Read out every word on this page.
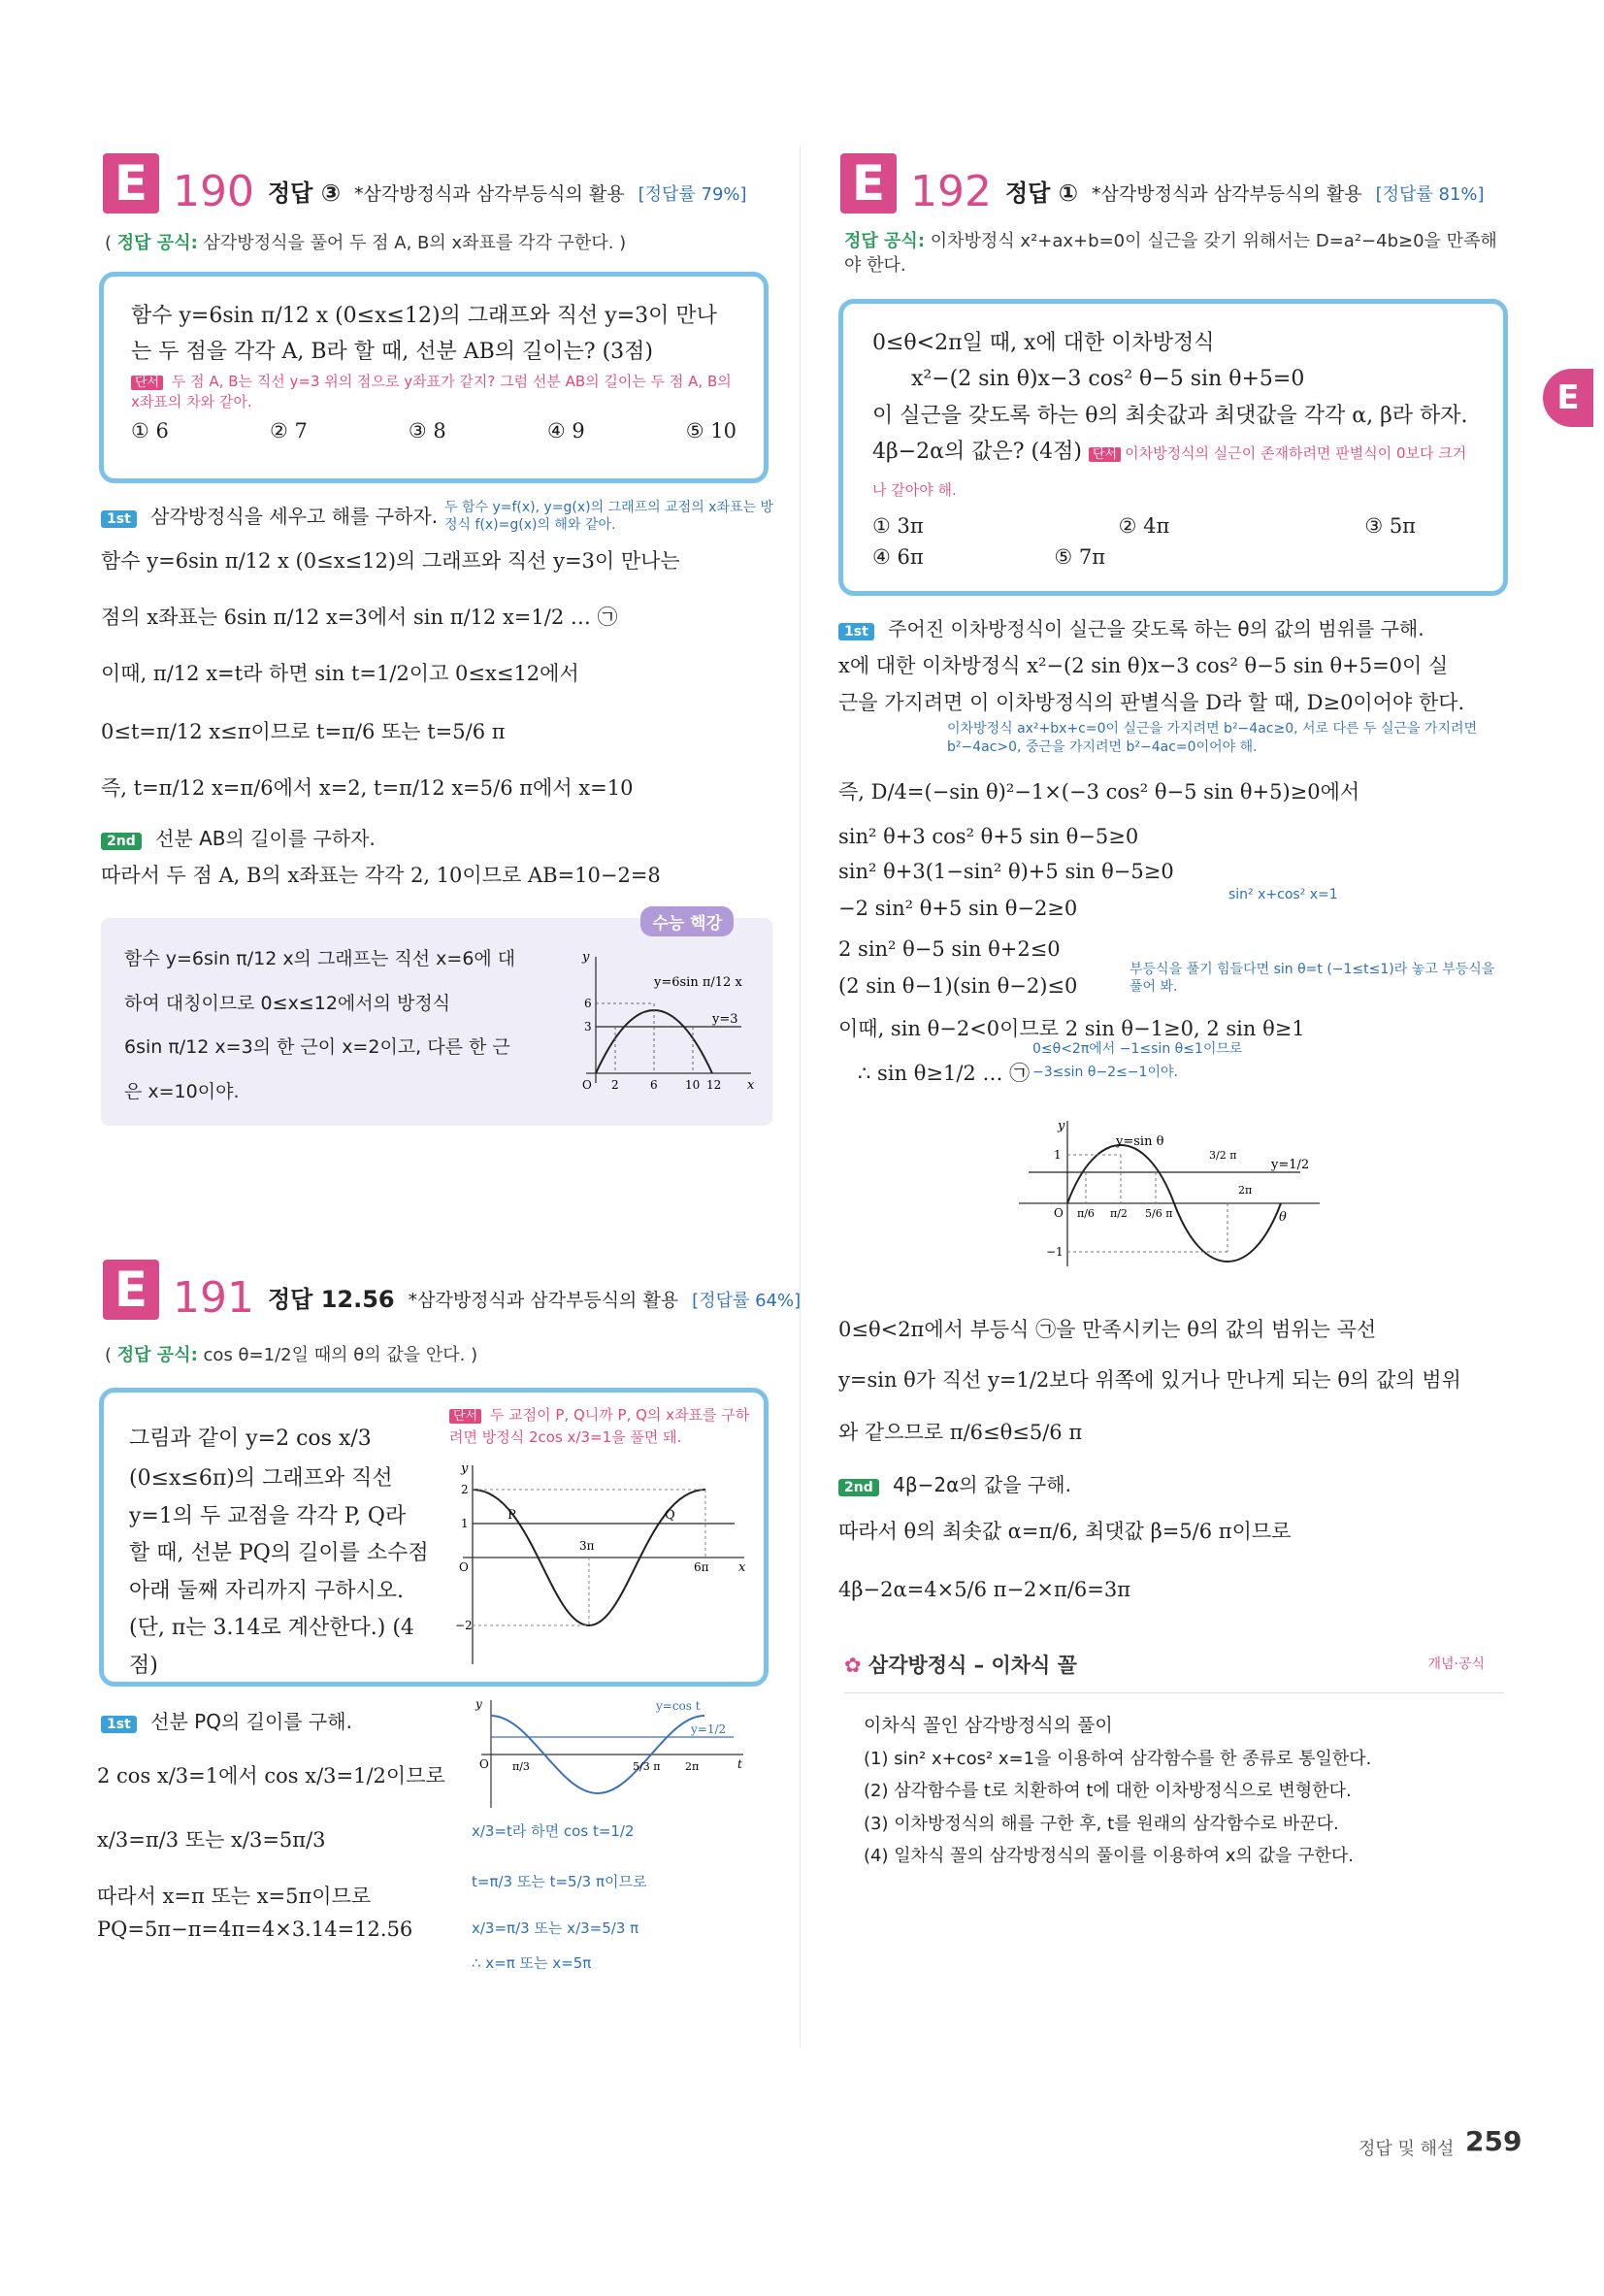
E 190 정답 ③ *삼각방정식과 삼각부등식의 활용 [정답률 79%]
( 정답 공식: 삼각방정식을 풀어 두 점 A, B의 x좌표를 각각 구한다. )

함수 y=6sin π/12 x (0≤x≤12)의 그래프와 직선 y=3이 만나

는 두 점을 각각 A, B라 할 때, 선분 AB의 길이는? (3점)

단서 두 점 A, B는 직선 y=3 위의 점으로 y좌표가 같지? 그럼 선분 AB의 길이는 두 점 A, B의 x좌표의 차와 같아.
① 6	② 7	③ 8	④ 9	⑤ 10
1st 삼각방정식을 세우고 해를 구하자. 두 함수 y=f(x), y=g(x)의 그래프의 교점의 x좌표는 방정식 f(x)=g(x)의 해와 같아.
함수 y=6sin π/12 x (0≤x≤12)의 그래프와 직선 y=3이 만나는
점의 x좌표는 6sin π/12 x=3에서 sin π/12 x=1/2 … ㉠
이때, π/12 x=t라 하면 sin t=1/2이고 0≤x≤12에서
0≤t=π/12 x≤π이므로 t=π/6 또는 t=5/6 π
즉, t=π/12 x=π/6에서 x=2, t=π/12 x=5/6 π에서 x=10
2nd 선분 AB의 길이를 구하자.
따라서 두 점 A, B의 x좌표는 각각 2, 10이므로 AB=10−2=8
수능 핵강

함수 y=6sin π/12 x의 그래프는 직선 x=6에 대

하여 대칭이므로 0≤x≤12에서의 방정식

6sin π/12 x=3의 한 근이 x=2이고, 다른 한 근

은 x=10이야.

y
x
y=6sin π/12 x
y=3
6
3
O 2	6 10 12
E 191 정답 12.56 *삼각방정식과 삼각부등식의 활용 [정답률 64%]
( 정답 공식: cos θ=1/2일 때의 θ의 값을 안다. )

그림과 같이 y=2 cos x/3

(0≤x≤6π)의 그래프와 직선

y=1의 두 교점을 각각 P, Q라

할 때, 선분 PQ의 길이를 소수점

아래 둘째 자리까지 구하시오.

(단, π는 3.14로 계산한다.) (4점)

단서 두 교점이 P, Q니까 P, Q의 x좌표를 구하려면 방정식 2cos x/3=1을 풀면 돼.
y
x
O
2
1
−2
P	Q
3π
6π
1st 선분 PQ의 길이를 구해.
2 cos x/3=1에서 cos x/3=1/2이므로
x/3=π/3 또는 x/3=5π/3
따라서 x=π 또는 x=5π이므로
PQ=5π−π=4π=4×3.14=12.56
y
t
O
y=cos t
y=1/2
π/3	5/3 π 2π
x/3=t라 하면 cos t=1/2
t=π/3 또는 t=5/3 π이므로
x/3=π/3 또는 x/3=5/3 π
∴ x=π 또는 x=5π
E 192 정답 ① *삼각방정식과 삼각부등식의 활용 [정답률 81%]
정답 공식: 이차방정식 x²+ax+b=0이 실근을 갖기 위해서는 D=a²−4b≥0을 만족해야 한다.

0≤θ<2π일 때, x에 대한 이차방정식

x²−(2 sin θ)x−3 cos² θ−5 sin θ+5=0

이 실근을 갖도록 하는 θ의 최솟값과 최댓값을 각각 α, β라 하자.

4β−2α의 값은? (4점) 단서 이차방정식의 실근이 존재하려면 판별식이 0보다 크거나 같아야 해.

① 3π	② 4π	③ 5π
④ 6π	⑤ 7π
1st 주어진 이차방정식이 실근을 갖도록 하는 θ의 값의 범위를 구해.
x에 대한 이차방정식 x²−(2 sin θ)x−3 cos² θ−5 sin θ+5=0이 실
근을 가지려면 이 이차방정식의 판별식을 D라 할 때, D≥0이어야 한다.
이차방정식 ax²+bx+c=0이 실근을 가지려면 b²−4ac≥0, 서로 다른 두 실근을 가지려면 b²−4ac>0, 중근을 가지려면 b²−4ac=0이어야 해.
즉, D/4=(−sin θ)²−1×(−3 cos² θ−5 sin θ+5)≥0에서
sin² θ+3 cos² θ+5 sin θ−5≥0
sin² θ+3(1−sin² θ)+5 sin θ−5≥0
sin² x+cos² x=1
−2 sin² θ+5 sin θ−2≥0
2 sin² θ−5 sin θ+2≤0
(2 sin θ−1)(sin θ−2)≤0
부등식을 풀기 힘들다면 sin θ=t (−1≤t≤1)라 놓고 부등식을 풀어 봐.
이때, sin θ−2<0이므로 2 sin θ−1≥0, 2 sin θ≥1
0≤θ<2π에서 −1≤sin θ≤1이므로
−3≤sin θ−2≤−1이야.
∴ sin θ≥1/2 … ㉠
y
θ
O
y=sin θ
y=1/2
1
−1
π/6 π/2 5/6 π
3/2 π
2π
0≤θ<2π에서 부등식 ㉠을 만족시키는 θ의 값의 범위는 곡선
y=sin θ가 직선 y=1/2보다 위쪽에 있거나 만나게 되는 θ의 값의 범위
와 같으므로 π/6≤θ≤5/6 π
2nd 4β−2α의 값을 구해.
따라서 θ의 최솟값 α=π/6, 최댓값 β=5/6 π이므로
4β−2α=4×5/6 π−2×π/6=3π
✿ 삼각방정식 – 이차식 꼴	개념·공식
이차식 꼴인 삼각방정식의 풀이
(1) sin² x+cos² x=1을 이용하여 삼각함수를 한 종류로 통일한다.
(2) 삼각함수를 t로 치환하여 t에 대한 이차방정식으로 변형한다.
(3) 이차방정식의 해를 구한 후, t를 원래의 삼각함수로 바꾼다.
(4) 일차식 꼴의 삼각방정식의 풀이를 이용하여 x의 값을 구한다.
E
정답 및 해설 259
